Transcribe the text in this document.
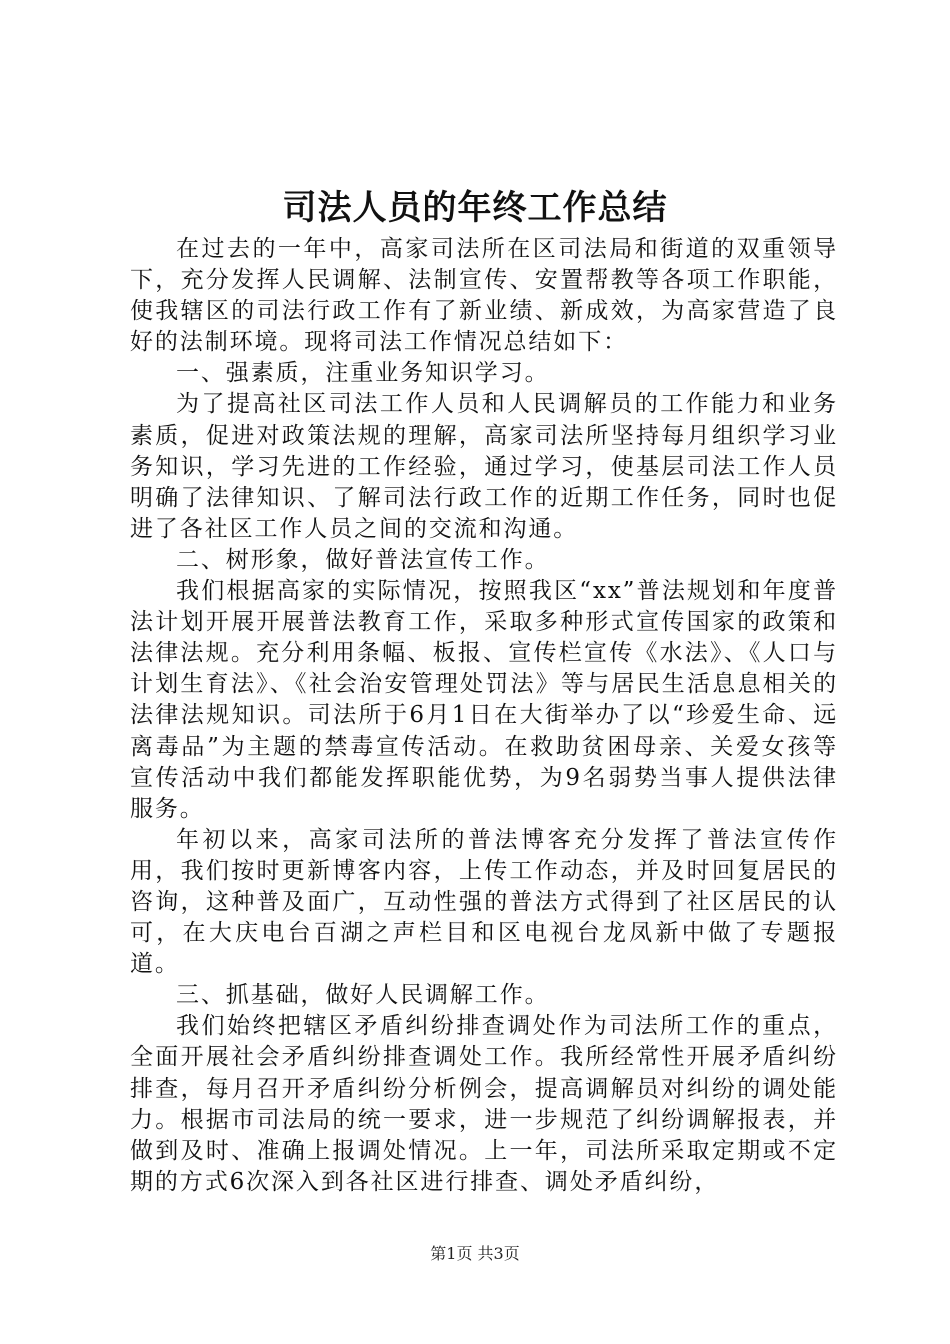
司法人员的年终工作总结

在过去的一年中，高家司法所在区司法局和街道的双重领导下，充分发挥人民调解、法制宣传、安置帮教等各项工作职能，使我辖区的司法行政工作有了新业绩、新成效，为高家营造了良好的法制环境。现将司法工作情况总结如下：

一、强素质，注重业务知识学习。

为了提高社区司法工作人员和人民调解员的工作能力和业务素质，促进对政策法规的理解，高家司法所坚持每月组织学习业务知识，学习先进的工作经验，通过学习，使基层司法工作人员明确了法律知识、了解司法行政工作的近期工作任务，同时也促进了各社区工作人员之间的交流和沟通。

二、树形象，做好普法宣传工作。

我们根据高家的实际情况，按照我区“xx”普法规划和年度普法计划开展开展普法教育工作，采取多种形式宣传国家的政策和法律法规。充分利用条幅、板报、宣传栏宣传《水法》、《人口与计划生育法》、《社会治安管理处罚法》等与居民生活息息相关的法律法规知识。司法所于6月1日在大街举办了以“珍爱生命、远离毒品”为主题的禁毒宣传活动。在救助贫困母亲、关爱女孩等宣传活动中我们都能发挥职能优势，为9名弱势当事人提供法律服务。

年初以来，高家司法所的普法博客充分发挥了普法宣传作用，我们按时更新博客内容，上传工作动态，并及时回复居民的咨询，这种普及面广，互动性强的普法方式得到了社区居民的认可，在大庆电台百湖之声栏目和区电视台龙凤新中做了专题报道。

三、抓基础，做好人民调解工作。

我们始终把辖区矛盾纠纷排查调处作为司法所工作的重点，全面开展社会矛盾纠纷排查调处工作。我所经常性开展矛盾纠纷排查，每月召开矛盾纠纷分析例会，提高调解员对纠纷的调处能力。根据市司法局的统一要求，进一步规范了纠纷调解报表，并做到及时、准确上报调处情况。上一年，司法所采取定期或不定期的方式6次深入到各社区进行排查、调处矛盾纠纷，

第1页 共3页
